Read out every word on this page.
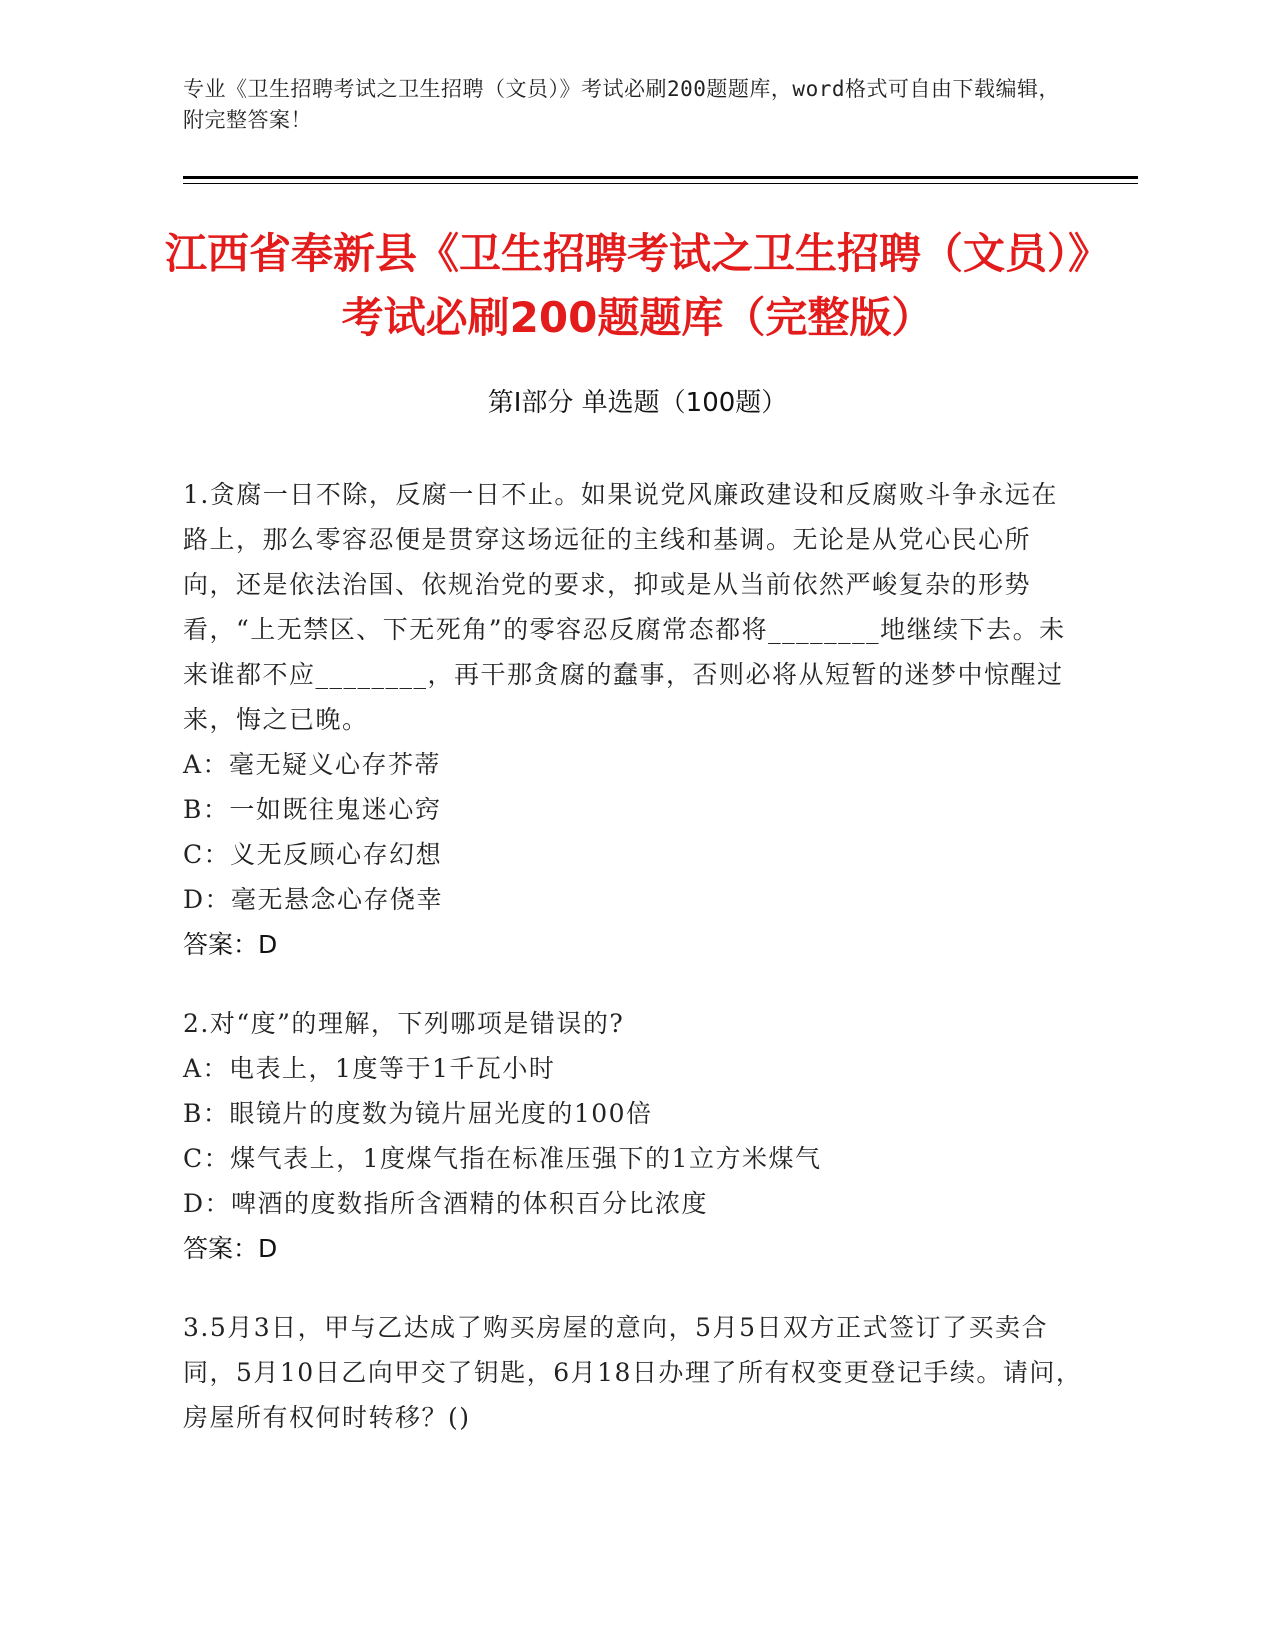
专业《卫生招聘考试之卫生招聘（文员）》考试必刷200题题库，word格式可自由下载编辑，附完整答案！
江西省奉新县《卫生招聘考试之卫生招聘（文员）》考试必刷200题题库（完整版）
第Ⅰ部分 单选题（100题）

1.贪腐一日不除，反腐一日不止。如果说党风廉政建设和反腐败斗争永远在路上，那么零容忍便是贯穿这场远征的主线和基调。无论是从党心民心所向，还是依法治国、依规治党的要求，抑或是从当前依然严峻复杂的形势看，“上无禁区、下无死角”的零容忍反腐常态都将________地继续下去。未来谁都不应________，再干那贪腐的蠢事，否则必将从短暂的迷梦中惊醒过来，悔之已晚。

A：毫无疑义心存芥蒂

B：一如既往鬼迷心窍

C：义无反顾心存幻想

D：毫无悬念心存侥幸

答案：D

2.对“度”的理解，下列哪项是错误的?

A：电表上，1度等于1千瓦小时

B：眼镜片的度数为镜片屈光度的100倍

C：煤气表上，1度煤气指在标准压强下的1立方米煤气

D：啤酒的度数指所含酒精的体积百分比浓度

答案：D

3.5月3日，甲与乙达成了购买房屋的意向，5月5日双方正式签订了买卖合同，5月10日乙向甲交了钥匙，6月18日办理了所有权变更登记手续。请问，房屋所有权何时转移？()
